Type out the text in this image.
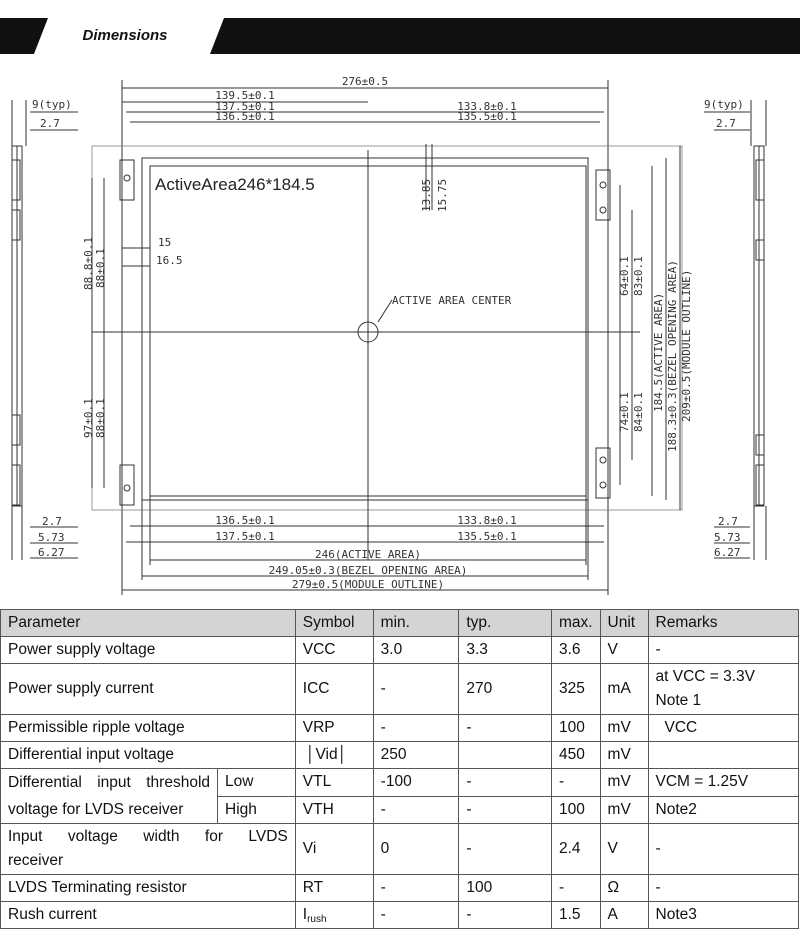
Dimensions
276±0.5
139.5±0.1
137.5±0.1
136.5±0.1
133.8±0.1
135.5±0.1
ActiveArea246*184.5
ACTIVE AREA CENTER
15
16.5
13.85 15.75
88.8±0.1 88±0.1
97±0.1 88±0.1
64±0.1 83±0.1
74±0.1 84±0.1
184.5(ACTIVE AREA) 188.3±0.3(BEZEL OPENING AREA) 209±0.5(MODULE OUTLINE)
136.5±0.1	133.8±0.1
137.5±0.1	135.5±0.1
246(ACTIVE AREA)
249.05±0.3(BEZEL OPENING AREA)
279±0.5(MODULE OUTLINE)
9(typ)
2.7
2.7
5.73
6.27
9(typ)
2.7
2.7
5.73
6.27
Parameter		Symbol	min.	typ.	max.	Unit	Remarks
Power supply voltage		VCC	3.0	3.3	3.6	V	-
Power supply current		ICC	-	270	325	mA	at VCC = 3.3V
Note 1
Permissible ripple voltage		VRP	-	-	100	mV	VCC
Differential input voltage		│Vid│	250		450	mV	

Differential input threshold
voltage for LVDS receiver	Low	VTL	-100	-	-	mV	VCM = 1.25V
	High	VTH	-	-	100	mV	Note2

Input voltage width for LVDS
receiver		Vi	0	-	2.4	V	-
LVDS Terminating resistor		RT	-	100	-	Ω	-
Rush current		$I_{rush}$	-	-	1.5	A	Note3
